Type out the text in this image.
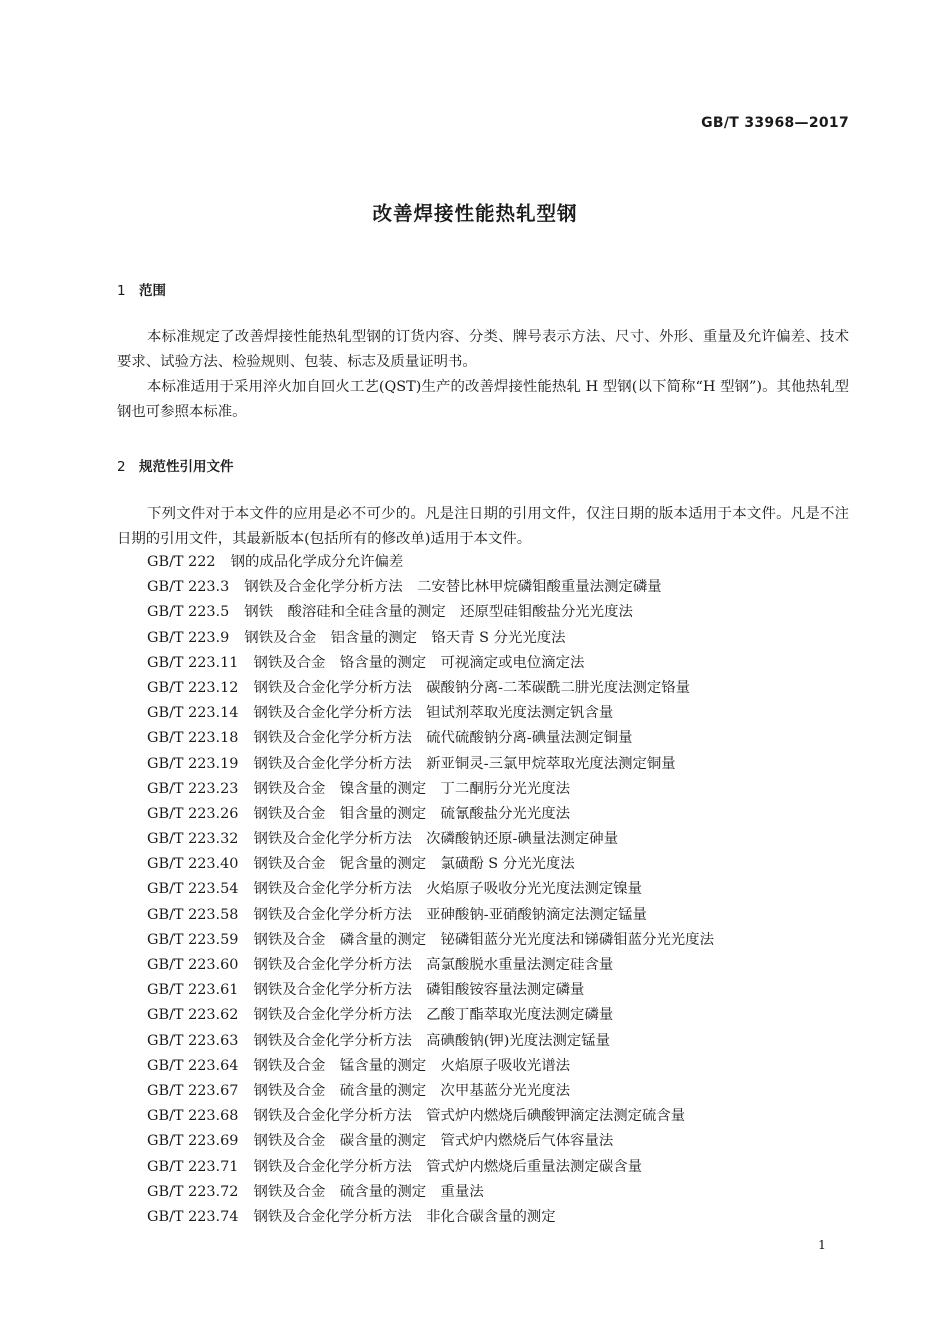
GB/T 33968—2017
改善焊接性能热轧型钢
1 范围

本标准规定了改善焊接性能热轧型钢的订货内容、分类、牌号表示方法、尺寸、外形、重量及允许偏差、技术要求、试验方法、检验规则、包装、标志及质量证明书。

本标准适用于采用淬火加自回火工艺(QST)生产的改善焊接性能热轧 H 型钢(以下简称“H 型钢”)。其他热轧型钢也可参照本标准。

2 规范性引用文件

下列文件对于本文件的应用是必不可少的。凡是注日期的引用文件，仅注日期的版本适用于本文件。凡是不注日期的引用文件，其最新版本(包括所有的修改单)适用于本文件。

GB/T 222 钢的成品化学成分允许偏差
GB/T 223.3 钢铁及合金化学分析方法　二安替比林甲烷磷钼酸重量法测定磷量
GB/T 223.5 钢铁　酸溶硅和全硅含量的测定　还原型硅钼酸盐分光光度法
GB/T 223.9 钢铁及合金　铝含量的测定　铬天青 S 分光光度法
GB/T 223.11 钢铁及合金　铬含量的测定　可视滴定或电位滴定法
GB/T 223.12 钢铁及合金化学分析方法　碳酸钠分离-二苯碳酰二肼光度法测定铬量
GB/T 223.14 钢铁及合金化学分析方法　钽试剂萃取光度法测定钒含量
GB/T 223.18 钢铁及合金化学分析方法　硫代硫酸钠分离-碘量法测定铜量
GB/T 223.19 钢铁及合金化学分析方法　新亚铜灵-三氯甲烷萃取光度法测定铜量
GB/T 223.23 钢铁及合金　镍含量的测定　丁二酮肟分光光度法
GB/T 223.26 钢铁及合金　钼含量的测定　硫氰酸盐分光光度法
GB/T 223.32 钢铁及合金化学分析方法　次磷酸钠还原-碘量法测定砷量
GB/T 223.40 钢铁及合金　铌含量的测定　氯磺酚 S 分光光度法
GB/T 223.54 钢铁及合金化学分析方法　火焰原子吸收分光光度法测定镍量
GB/T 223.58 钢铁及合金化学分析方法　亚砷酸钠-亚硝酸钠滴定法测定锰量
GB/T 223.59 钢铁及合金　磷含量的测定　铋磷钼蓝分光光度法和锑磷钼蓝分光光度法
GB/T 223.60 钢铁及合金化学分析方法　高氯酸脱水重量法测定硅含量
GB/T 223.61 钢铁及合金化学分析方法　磷钼酸铵容量法测定磷量
GB/T 223.62 钢铁及合金化学分析方法　乙酸丁酯萃取光度法测定磷量
GB/T 223.63 钢铁及合金化学分析方法　高碘酸钠(钾)光度法测定锰量
GB/T 223.64 钢铁及合金　锰含量的测定　火焰原子吸收光谱法
GB/T 223.67 钢铁及合金　硫含量的测定　次甲基蓝分光光度法
GB/T 223.68 钢铁及合金化学分析方法　管式炉内燃烧后碘酸钾滴定法测定硫含量
GB/T 223.69 钢铁及合金　碳含量的测定　管式炉内燃烧后气体容量法
GB/T 223.71 钢铁及合金化学分析方法　管式炉内燃烧后重量法测定碳含量
GB/T 223.72 钢铁及合金　硫含量的测定　重量法
GB/T 223.74 钢铁及合金化学分析方法　非化合碳含量的测定
1
